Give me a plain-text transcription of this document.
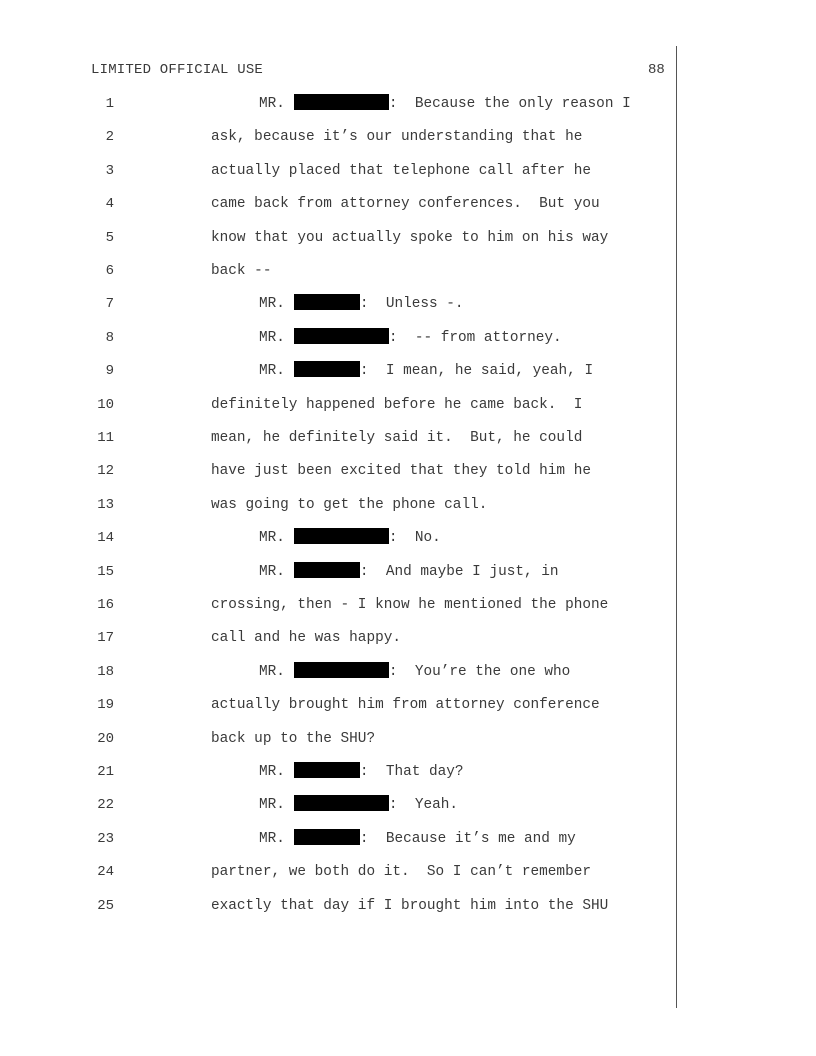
LIMITED OFFICIAL USE	88
1	MR.	:  Because the only reason I
2	ask, because it’s our understanding that he
3	actually placed that telephone call after he
4	came back from attorney conferences.  But you
5	know that you actually spoke to him on his way
6	back --
7	MR.	:  Unless -.
8	MR.	:  -- from attorney.
9	MR.	:  I mean, he said, yeah, I
10	definitely happened before he came back.  I
11	mean, he definitely said it.  But, he could
12	have just been excited that they told him he
13	was going to get the phone call.
14	MR.	:  No.
15	MR.	:  And maybe I just, in
16	crossing, then - I know he mentioned the phone
17	call and he was happy.
18	MR.	:  You’re the one who
19	actually brought him from attorney conference
20	back up to the SHU?
21	MR.	:  That day?
22	MR.	:  Yeah.
23	MR.	:  Because it’s me and my
24	partner, we both do it.  So I can’t remember
25	exactly that day if I brought him into the SHU
